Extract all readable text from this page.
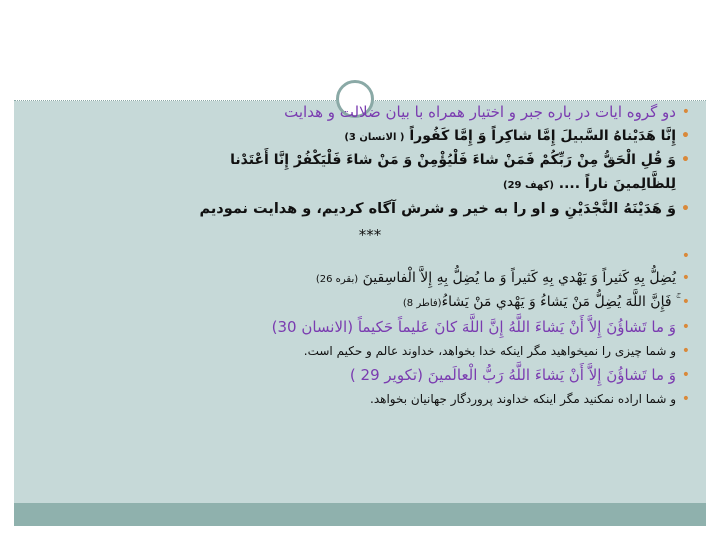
• دو گروه ایات در باره جبر و اختیار همراه با بیان ضلالت و هدایت
• إِنَّا هَدَيْناهُ السَّبيلَ إِمَّا شاكِراً وَ إِمَّا كَفُوراً ( الانسان 3)
• وَ قُلِ الْحَقُّ مِنْ رَبِّكُمْ فَمَنْ شاءَ فَلْيُؤْمِنْ وَ مَنْ شاءَ فَلْيَكْفُرْ إِنَّا أَعْتَدْنا
لِلظَّالِمينَ ناراً .... (کهف 29)
• وَ هَدَيْنَهُ النَّجْدَيْنِ و او را به خیر و شرش آگاه کردیم، و هدایت نمودیم
***
•
• يُضِلُّ بِهِ كَثيراً وَ يَهْدي بِهِ كَثيراً وَ ما يُضِلُّ بِهِ إِلاَّ الْفاسِقينَ (بقره 26)
• ۚ فَإِنَّ اللَّهَ يُضِلُّ مَنْ يَشاءُ وَ يَهْدي مَنْ يَشاءُ(فاطر 8)
• وَ ما تَشاؤُنَ إِلاَّ أَنْ يَشاءَ اللَّهُ إِنَّ اللَّهَ كانَ عَليماً حَكيماً (الانسان 30)
• و شما چیزی را نمیخواهید مگر اینکه خدا بخواهد، خداوند عالم و حکیم است.
• وَ ما تَشاؤُنَ إِلاَّ أَنْ يَشاءَ اللَّهُ رَبُّ الْعالَمينَ (تکویر 29 )
• و شما اراده نمکنید مگر اینکه خداوند پروردگار جهانیان بخواهد.
